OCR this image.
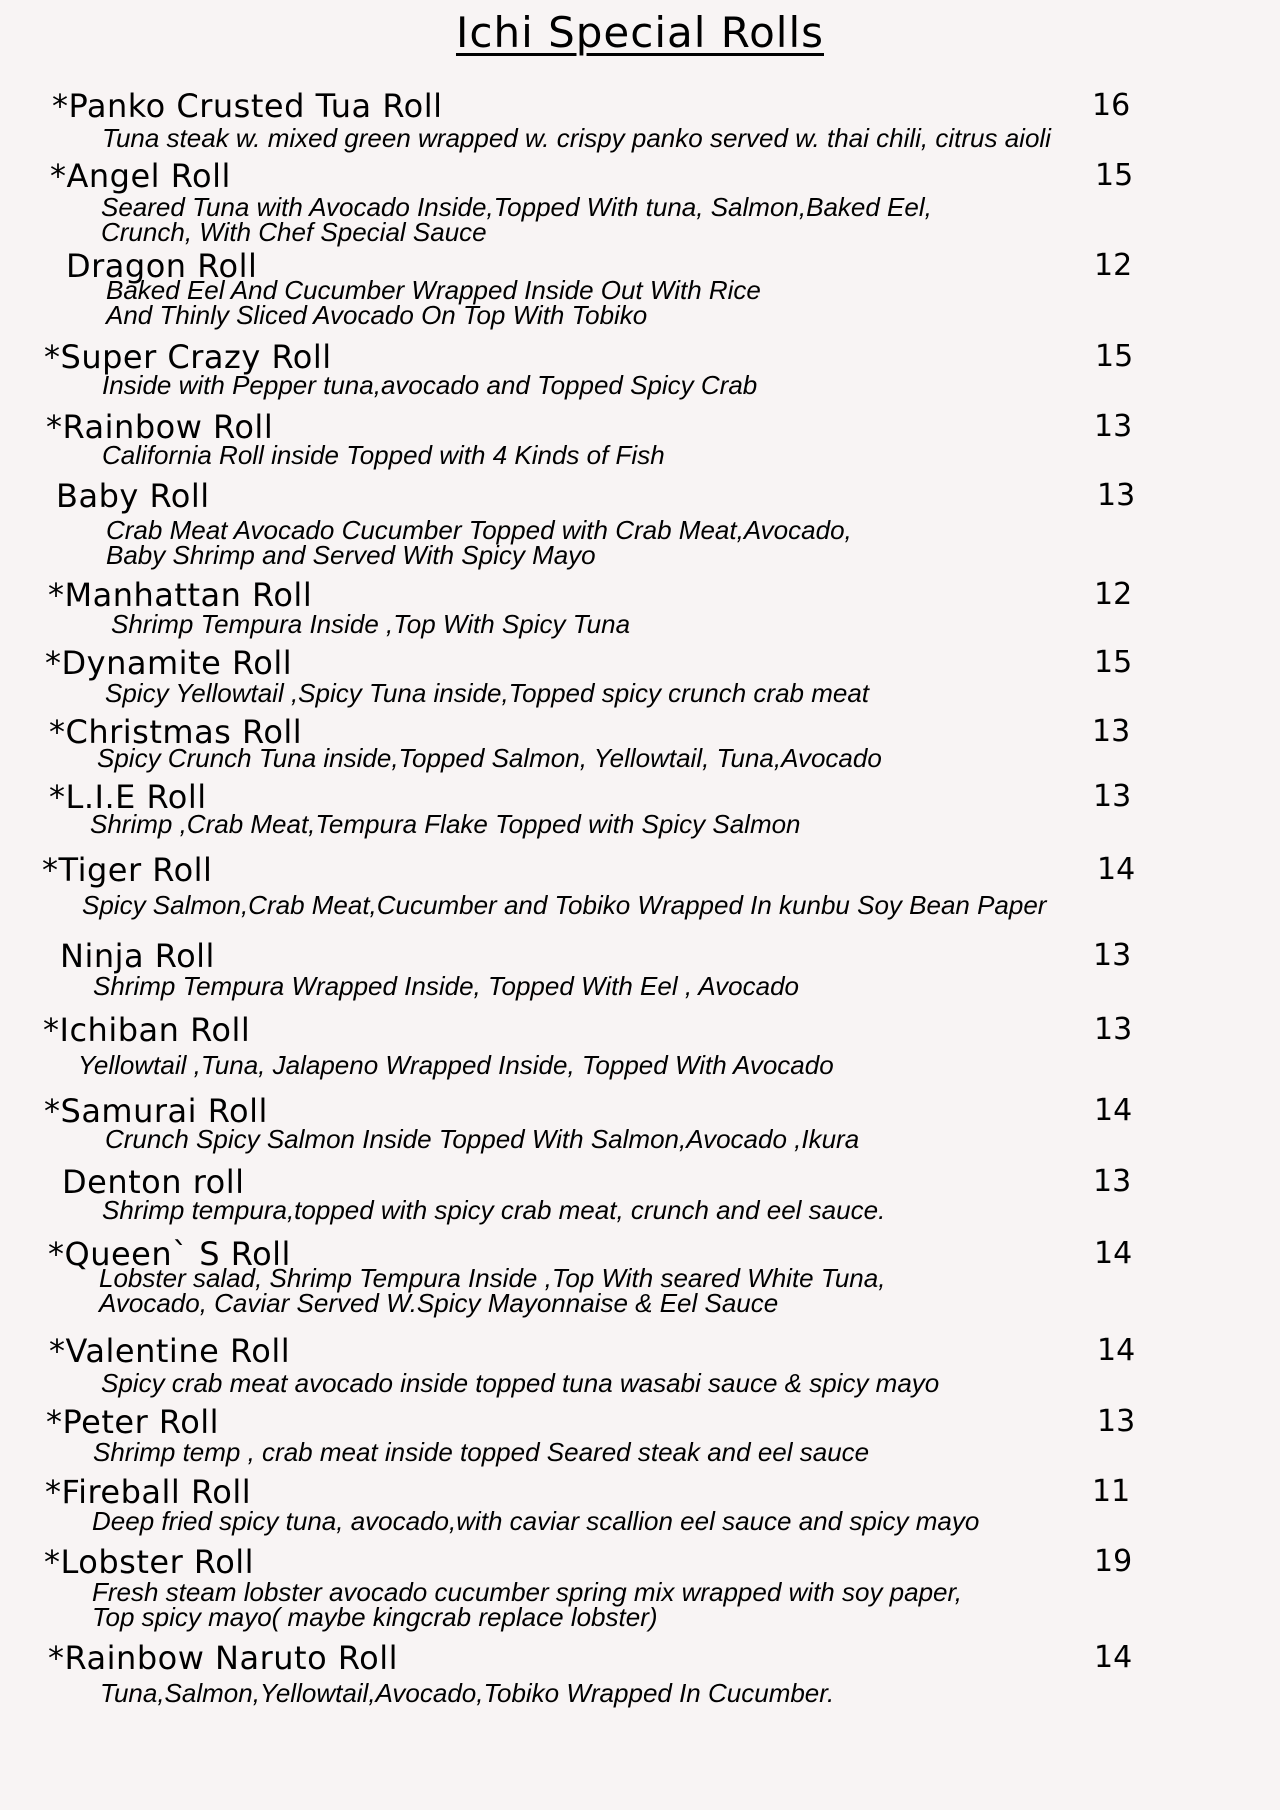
Ichi Special Rolls
*Panko Crusted Tua Roll	16
Tuna steak w. mixed green wrapped w. crispy panko served w. thai chili, citrus aioli
*Angel Roll	15
Seared Tuna with Avocado Inside,Topped With tuna, Salmon,Baked Eel,
Crunch, With Chef Special Sauce
Dragon Roll	12
Baked Eel And Cucumber Wrapped Inside Out With Rice
And Thinly Sliced Avocado On Top With Tobiko
*Super Crazy Roll	15
Inside with Pepper tuna,avocado and Topped Spicy Crab
*Rainbow Roll	13
California Roll inside Topped with 4 Kinds of Fish
Baby Roll	13
Crab Meat Avocado Cucumber Topped with Crab Meat,Avocado,
Baby Shrimp and Served With Spicy Mayo
*Manhattan Roll	12
Shrimp Tempura Inside ,Top With Spicy Tuna
*Dynamite Roll	15
Spicy Yellowtail ,Spicy Tuna inside,Topped spicy crunch crab meat
*Christmas Roll	13
Spicy Crunch Tuna inside,Topped Salmon, Yellowtail, Tuna,Avocado
*L.I.E Roll	13
Shrimp ,Crab Meat,Tempura Flake Topped with Spicy Salmon
*Tiger Roll	14
Spicy Salmon,Crab Meat,Cucumber and Tobiko Wrapped In kunbu Soy Bean Paper
Ninja Roll	13
Shrimp Tempura Wrapped Inside, Topped With Eel , Avocado
*Ichiban Roll	13
Yellowtail ,Tuna, Jalapeno Wrapped Inside, Topped With Avocado
*Samurai Roll	14
Crunch Spicy Salmon Inside Topped With Salmon,Avocado ,Ikura
Denton roll	13
Shrimp tempura,topped with spicy crab meat, crunch and eel sauce.
*Queen` S Roll	14
Lobster salad, Shrimp Tempura Inside ,Top With seared White Tuna,
Avocado, Caviar Served W.Spicy Mayonnaise & Eel Sauce
*Valentine Roll	14
Spicy crab meat avocado inside topped tuna wasabi sauce & spicy mayo
*Peter Roll	13
Shrimp temp , crab meat inside topped Seared steak and eel sauce
*Fireball Roll	11
Deep fried spicy tuna, avocado,with caviar scallion eel sauce and spicy mayo
*Lobster Roll	19
Fresh steam lobster avocado cucumber spring mix wrapped with soy paper,
Top spicy mayo( maybe kingcrab replace lobster)
*Rainbow Naruto Roll	14
Tuna,Salmon,Yellowtail,Avocado,Tobiko Wrapped In Cucumber.
